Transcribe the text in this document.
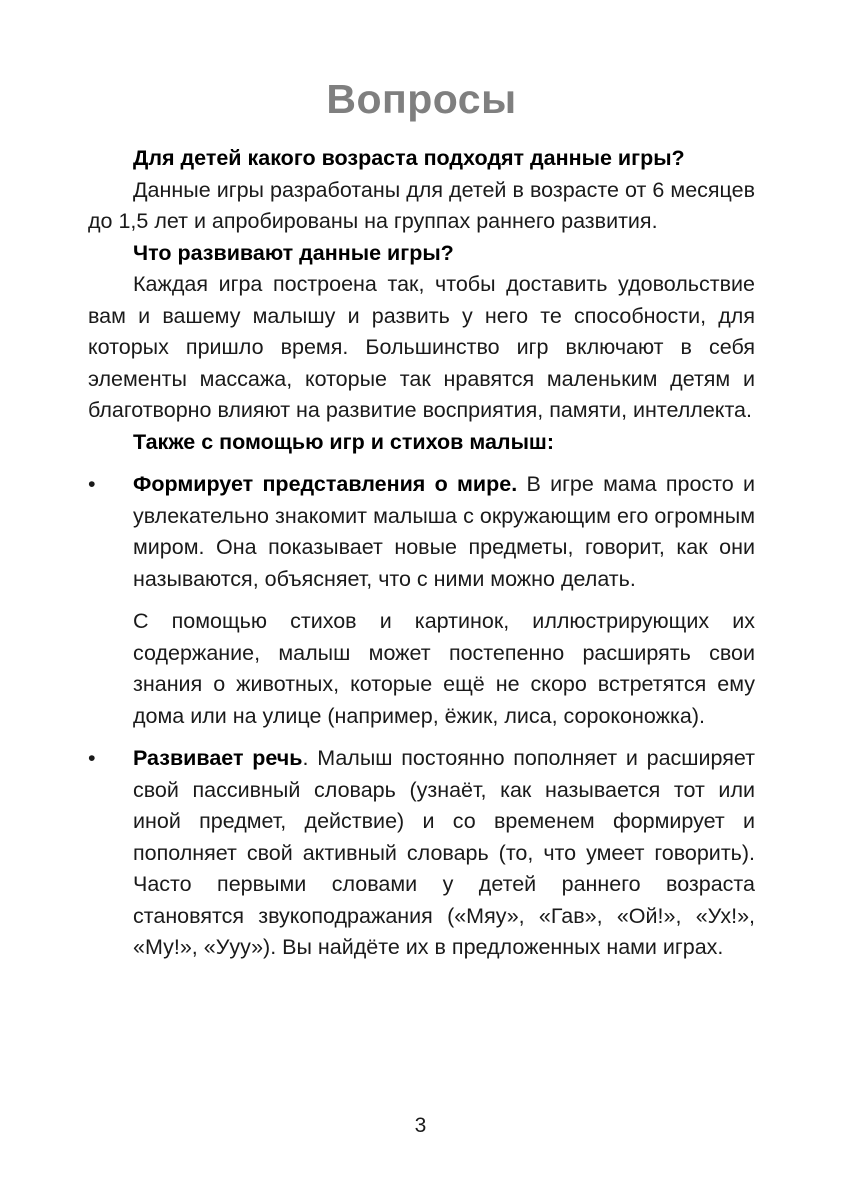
Вопросы

Для детей какого возраста подходят данные игры?

Данные игры разработаны для детей в возрасте от 6 месяцев до 1,5 лет и апробированы на группах раннего развития.

Что развивают данные игры?

Каждая игра построена так, чтобы доставить удовольствие вам и вашему малышу и развить у него те способности, для которых пришло время. Большинство игр включают в себя элементы массажа, которые так нравятся маленьким детям и благотворно влияют на развитие восприятия, памяти, интеллекта.

Также с помощью игр и стихов малыш:

•	Формирует представления о мире. В игре мама просто и увлекательно знакомит малыша с окружающим его огромным миром. Она показывает новые предметы, говорит, как они называются, объясняет, что с ними можно делать.

С помощью стихов и картинок, иллюстрирующих их содержание, малыш может постепенно расширять свои знания о животных, которые ещё не скоро встретятся ему дома или на улице (например, ёжик, лиса, сороконожка).

•	Развивает речь. Малыш постоянно пополняет и расширяет свой пассивный словарь (узнаёт, как называется тот или иной предмет, действие) и со временем формирует и пополняет свой активный словарь (то, что умеет говорить). Часто первыми словами у детей раннего возраста становятся звукоподражания («Мяу», «Гав», «Ой!», «Ух!», «Му!», «Ууу»). Вы найдёте их в предложенных нами играх.

3
